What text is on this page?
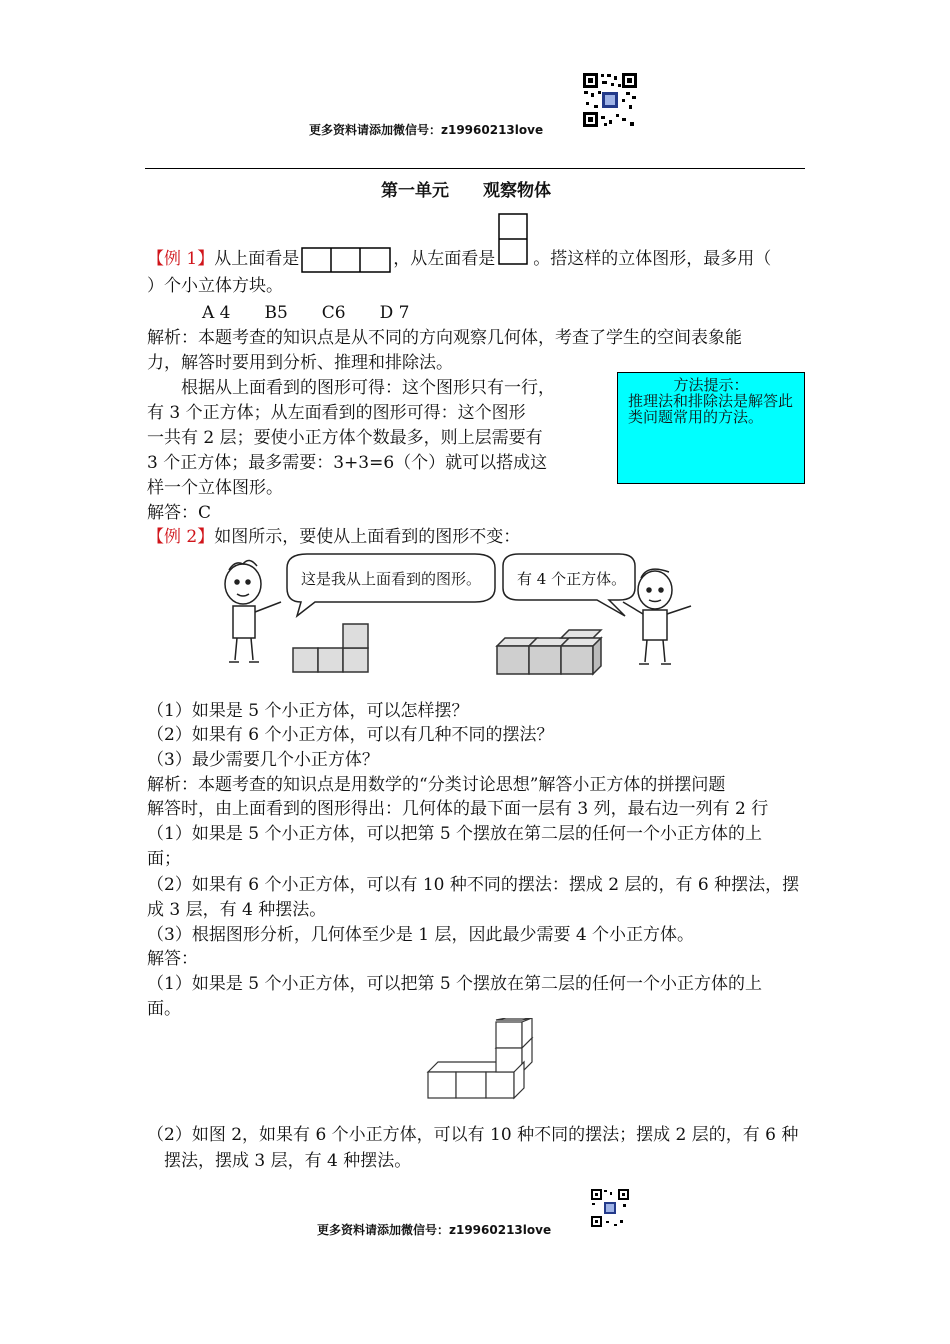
更多资料请添加微信号：z19960213love
第一单元　　观察物体
【例 1】从上面看是	，从左面看是 。搭这样的立体图形，最多用（
）个小立体方块。
A 4　　B5　　C6　　D 7
解析：本题考查的知识点是从不同的方向观察几何体，考查了学生的空间表象能
力，解答时要用到分析、推理和排除法。
　　根据从上面看到的图形可得：这个图形只有一行，
有 3 个正方体；从左面看到的图形可得：这个图形
一共有 2 层；要使小正方体个数最多，则上层需要有
3 个正方体；最多需要：3+3=6（个）就可以搭成这
样一个立体图形。
解答：C
方法提示：
推理法和排除法是解答此类问题常用的方法。
【例 2】如图所示，要使从上面看到的图形不变：
这是我从上面看到的图形。 有 4 个正方体。
（1）如果是 5 个小正方体，可以怎样摆？
（2）如果有 6 个小正方体，可以有几种不同的摆法？
（3）最少需要几个小正方体？
解析：本题考查的知识点是用数学的“分类讨论思想”解答小正方体的拼摆问题
解答时，由上面看到的图形得出：几何体的最下面一层有 3 列，最右边一列有 2 行
（1）如果是 5 个小正方体，可以把第 5 个摆放在第二层的任何一个小正方体的上
面；
（2）如果有 6 个小正方体，可以有 10 种不同的摆法：摆成 2 层的，有 6 种摆法，摆
成 3 层，有 4 种摆法。
（3）根据图形分析，几何体至少是 1 层，因此最少需要 4 个小正方体。
解答：
（1）如果是 5 个小正方体，可以把第 5 个摆放在第二层的任何一个小正方体的上
面。
（2）如图 2，如果有 6 个小正方体，可以有 10 种不同的摆法；摆成 2 层的，有 6 种
　摆法，摆成 3 层，有 4 种摆法。
更多资料请添加微信号：z19960213love
